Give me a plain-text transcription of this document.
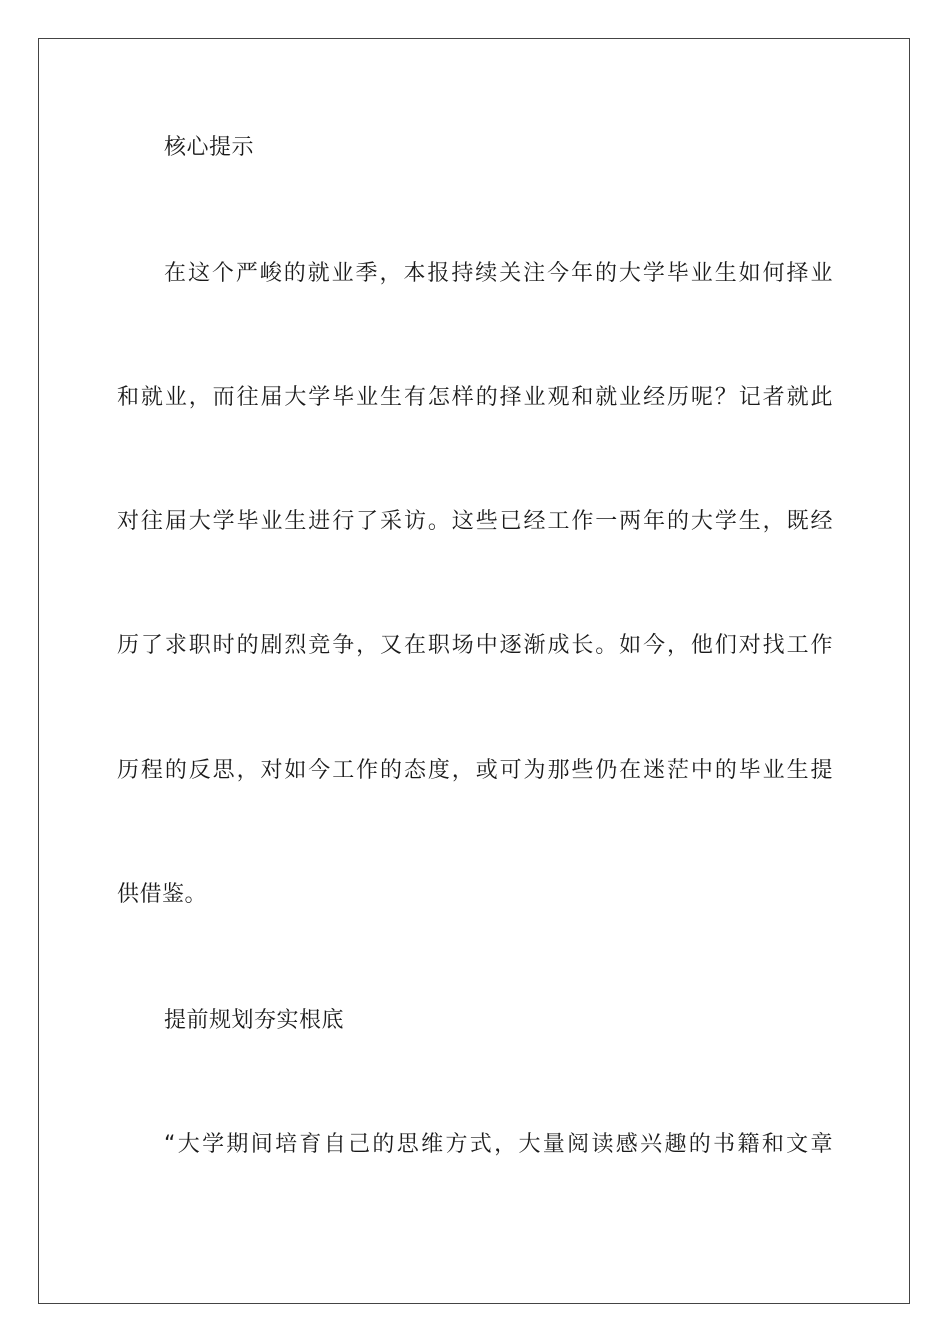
核心提示
在这个严峻的就业季，本报持续关注今年的大学毕业生如何择业
和就业，而往届大学毕业生有怎样的择业观和就业经历呢？记者就此
对往届大学毕业生进行了采访。这些已经工作一两年的大学生，既经
历了求职时的剧烈竞争，又在职场中逐渐成长。如今，他们对找工作
历程的反思，对如今工作的态度，或可为那些仍在迷茫中的毕业生提
供借鉴。
提前规划夯实根底
“大学期间培育自己的思维方式，大量阅读感兴趣的书籍和文章
